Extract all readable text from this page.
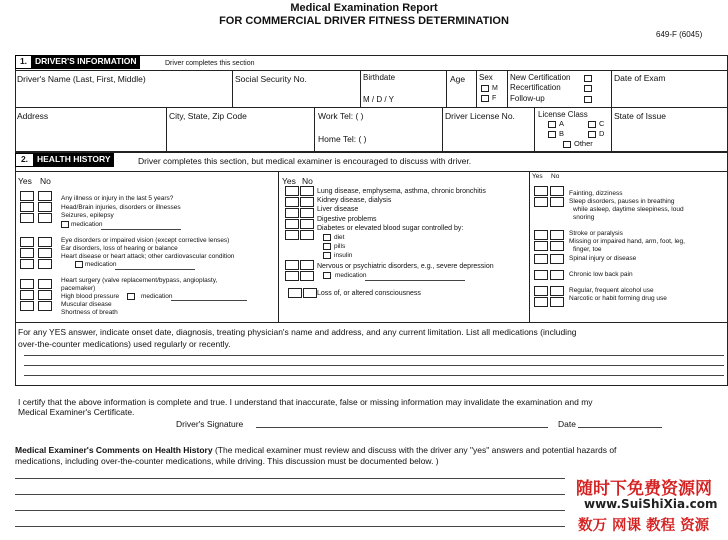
Medical Examination Report
FOR COMMERCIAL DRIVER FITNESS DETERMINATION
649-F (6045)
1. DRIVER'S INFORMATION	Driver completes this section
Driver's Name (Last, First, Middle)	Social Security No.	Birthdate
M / D / Y
Age Sex
M
F
New Certification
Recertification
Follow-up
Date of Exam
Address	City, State, Zip Code	Work Tel: ( )
Home Tel: ( )
Driver License No.	License Class
A	C
B	D
Other
State of Issue
2.	HEALTH HISTORY	Driver completes this section, but medical examiner is encouraged to discuss with driver.
Yes No	Yes No	Yes No
Any illness or injury in the last 5 years?
Head/Brain injuries, disorders or illnesses
Seizures, epilepsy
medication
Eye disorders or impaired vision (except corrective lenses)
Ear disorders, loss of hearing or balance
Heart disease or heart attack; other cardiovascular condition
medication
Heart surgery (valve replacement/bypass, angioplasty,
pacemaker)
High blood pressure	medication
Muscular disease
Shortness of breath
Lung disease, emphysema, asthma, chronic bronchitis
Kidney disease, dialysis
Liver disease
Digestive problems
Diabetes or elevated blood sugar controlled by:
diet
pills
insulin
Nervous or psychiatric disorders, e.g., severe depression
medication
Loss of, or altered consciousness
Fainting, dizziness
Sleep disorders, pauses in breathing
while asleep, daytime sleepiness, loud
snoring
Stroke or paralysis
Missing or impaired hand, arm, foot, leg,
finger, toe
Spinal injury or disease
Chronic low back pain
Regular, frequent alcohol use
Narcotic or habit forming drug use
For any YES answer, indicate onset date, diagnosis, treating physician's name and address, and any current limitation. List all medications (including
over-the-counter medications) used regularly or recently.
I certify that the above information is complete and true. I understand that inaccurate, false or missing information may invalidate the examination and my
Medical Examiner's Certificate.
Driver's Signature	Date
Medical Examiner's Comments on Health History (The medical examiner must review and discuss with the driver any "yes" answers and potential hazards of
medications, including over-the-counter medications, while driving. This discussion must be documented below. )
随时下免费资源网
www.SuiShiXia.com
数万 网课 教程 资源
